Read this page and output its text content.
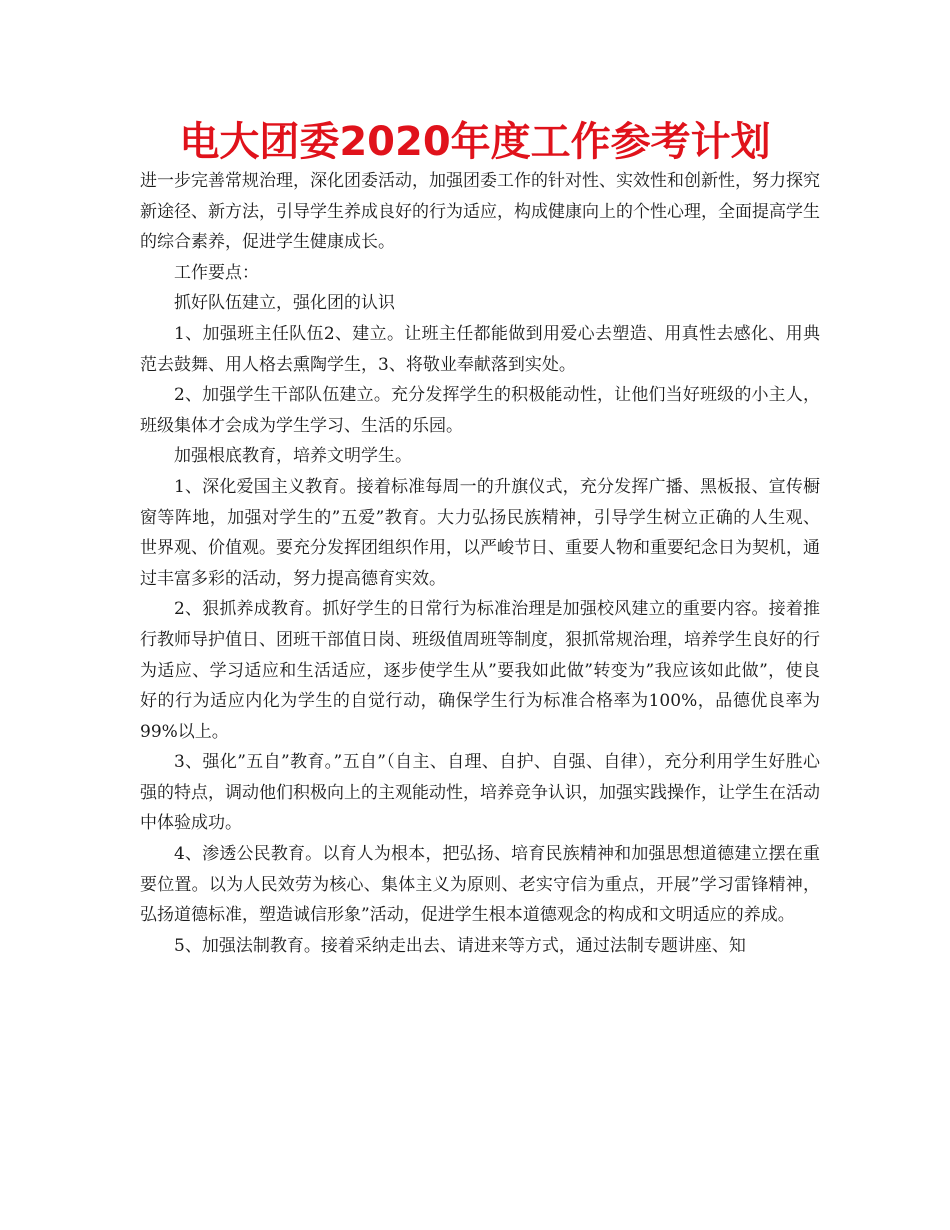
电大团委2020年度工作参考计划

进一步完善常规治理，深化团委活动，加强团委工作的针对性、实效性和创新性，努力探究新途径、新方法，引导学生养成良好的行为适应，构成健康向上的个性心理，全面提高学生的综合素养，促进学生健康成长。

工作要点：

抓好队伍建立，强化团的认识

1、加强班主任队伍2、建立。让班主任都能做到用爱心去塑造、用真性去感化、用典范去鼓舞、用人格去熏陶学生，3、将敬业奉献落到实处。

2、加强学生干部队伍建立。充分发挥学生的积极能动性，让他们当好班级的小主人，班级集体才会成为学生学习、生活的乐园。

加强根底教育，培养文明学生。

1、深化爱国主义教育。接着标准每周一的升旗仪式，充分发挥广播、黑板报、宣传橱窗等阵地，加强对学生的”五爱”教育。大力弘扬民族精神，引导学生树立正确的人生观、世界观、价值观。要充分发挥团组织作用，以严峻节日、重要人物和重要纪念日为契机，通过丰富多彩的活动，努力提高德育实效。

2、狠抓养成教育。抓好学生的日常行为标准治理是加强校风建立的重要内容。接着推行教师导护值日、团班干部值日岗、班级值周班等制度，狠抓常规治理，培养学生良好的行为适应、学习适应和生活适应，逐步使学生从”要我如此做”转变为”我应该如此做”，使良好的行为适应内化为学生的自觉行动，确保学生行为标准合格率为100%，品德优良率为99%以上。

3、强化”五自”教育。”五自”（自主、自理、自护、自强、自律），充分利用学生好胜心强的特点，调动他们积极向上的主观能动性，培养竞争认识，加强实践操作，让学生在活动中体验成功。

4、渗透公民教育。以育人为根本，把弘扬、培育民族精神和加强思想道德建立摆在重要位置。以为人民效劳为核心、集体主义为原则、老实守信为重点，开展”学习雷锋精神，弘扬道德标准，塑造诚信形象”活动，促进学生根本道德观念的构成和文明适应的养成。

5、加强法制教育。接着采纳走出去、请进来等方式，通过法制专题讲座、知
